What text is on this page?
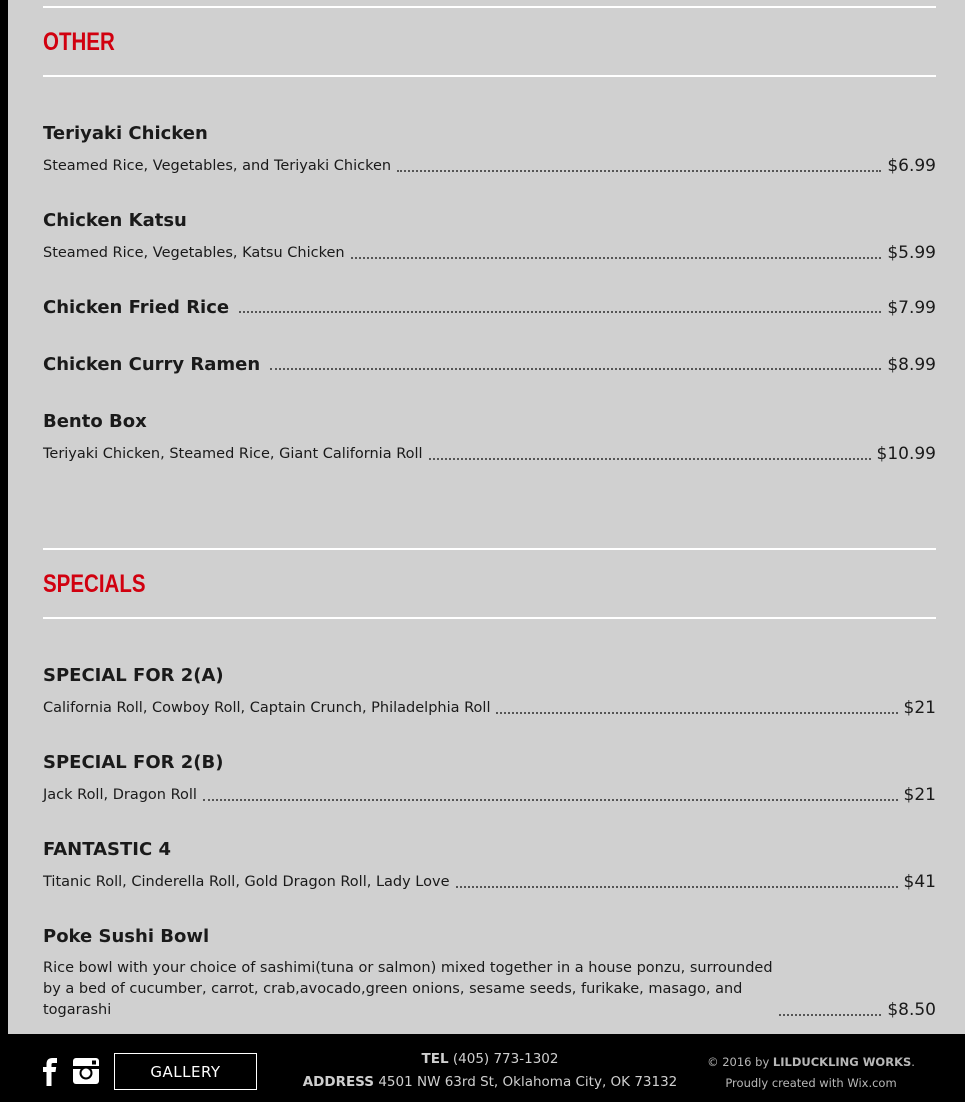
OTHER
Teriyaki Chicken
Steamed Rice, Vegetables, and Teriyaki Chicken	$6.99
Chicken Katsu
Steamed Rice, Vegetables, Katsu Chicken	$5.99
Chicken Fried Rice	$7.99
Chicken Curry Ramen	$8.99
Bento Box
Teriyaki Chicken, Steamed Rice, Giant California Roll	$10.99
SPECIALS
SPECIAL FOR 2(A)
California Roll, Cowboy Roll, Captain Crunch, Philadelphia Roll	$21
SPECIAL FOR 2(B)
Jack Roll, Dragon Roll	$21
FANTASTIC 4
Titanic Roll, Cinderella Roll, Gold Dragon Roll, Lady Love	$41
Poke Sushi Bowl
Rice bowl with your choice of sashimi(tuna or salmon) mixed together in a house ponzu, surrounded by a bed of cucumber, carrot, crab,avocado,green onions, sesame seeds, furikake, masago, and togarashi	$8.50
GALLERY
TEL (405) 773-1302
ADDRESS 4501 NW 63rd St, Oklahoma City, OK 73132
© 2016 by LILDUCKLING WORKS.
Proudly created with Wix.com
